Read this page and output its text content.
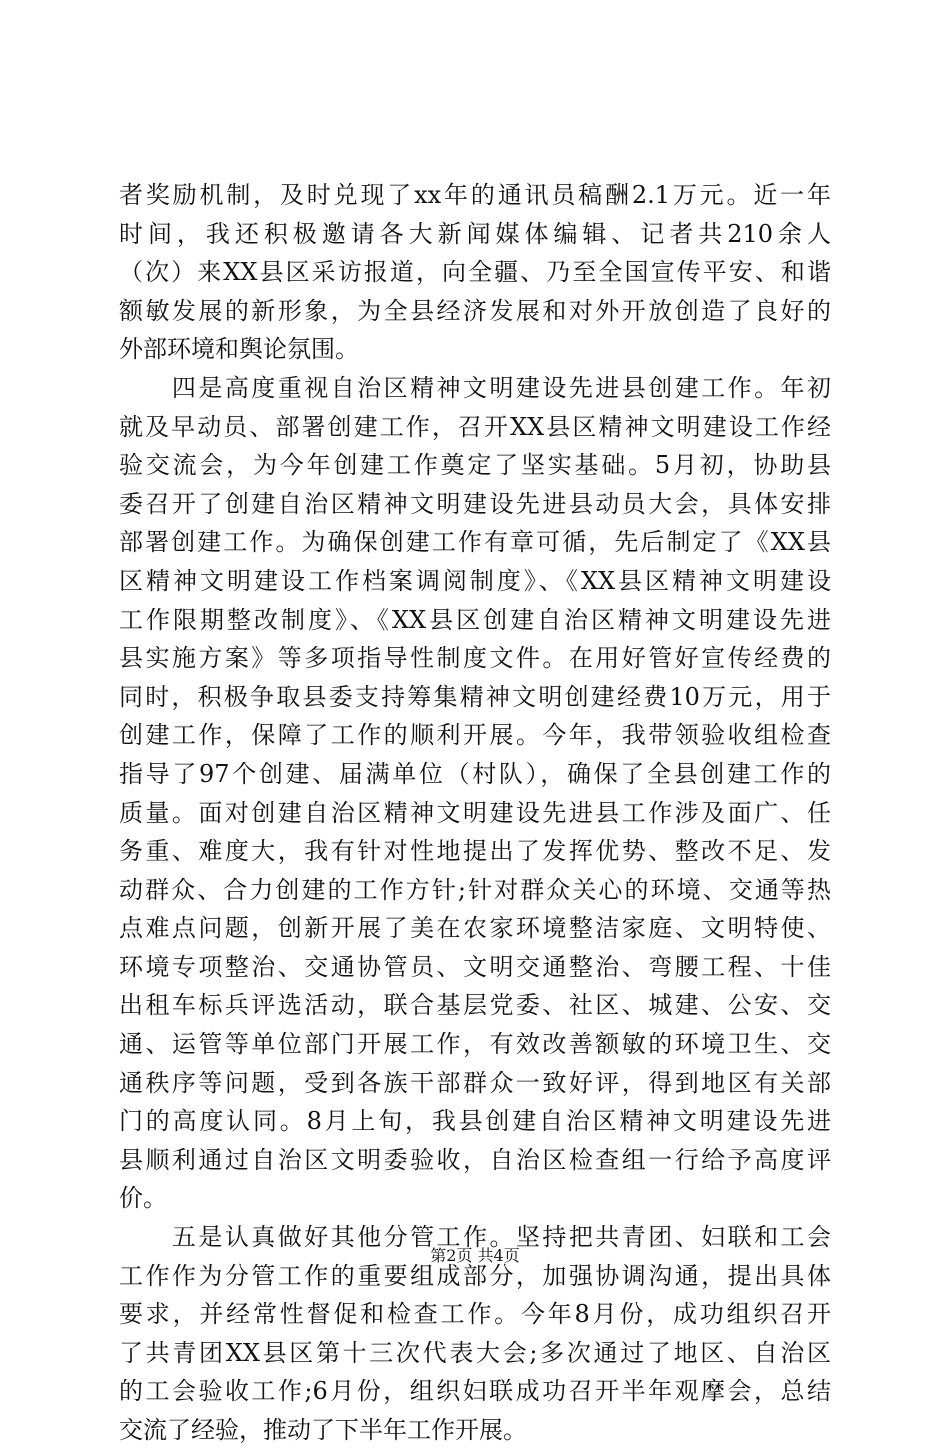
者奖励机制，及时兑现了xx年的通讯员稿酬2.1万元。近一年
时间，我还积极邀请各大新闻媒体编辑、记者共210余人
（次）来XX县区采访报道，向全疆、乃至全国宣传平安、和谐
额敏发展的新形象，为全县经济发展和对外开放创造了良好的
外部环境和舆论氛围。
　　四是高度重视自治区精神文明建设先进县创建工作。年初
就及早动员、部署创建工作，召开XX县区精神文明建设工作经
验交流会，为今年创建工作奠定了坚实基础。5月初，协助县
委召开了创建自治区精神文明建设先进县动员大会，具体安排
部署创建工作。为确保创建工作有章可循，先后制定了《XX县
区精神文明建设工作档案调阅制度》、《XX县区精神文明建设
工作限期整改制度》、《XX县区创建自治区精神文明建设先进
县实施方案》等多项指导性制度文件。在用好管好宣传经费的
同时，积极争取县委支持筹集精神文明创建经费10万元，用于
创建工作，保障了工作的顺利开展。今年，我带领验收组检查
指导了97个创建、届满单位（村队），确保了全县创建工作的
质量。面对创建自治区精神文明建设先进县工作涉及面广、任
务重、难度大，我有针对性地提出了发挥优势、整改不足、发
动群众、合力创建的工作方针;针对群众关心的环境、交通等热
点难点问题，创新开展了美在农家环境整洁家庭、文明特使、
环境专项整治、交通协管员、文明交通整治、弯腰工程、十佳
出租车标兵评选活动，联合基层党委、社区、城建、公安、交
通、运管等单位部门开展工作，有效改善额敏的环境卫生、交
通秩序等问题，受到各族干部群众一致好评，得到地区有关部
门的高度认同。8月上旬，我县创建自治区精神文明建设先进
县顺利通过自治区文明委验收，自治区检查组一行给予高度评
价。
　　五是认真做好其他分管工作。坚持把共青团、妇联和工会
工作作为分管工作的重要组成部分，加强协调沟通，提出具体
要求，并经常性督促和检查工作。今年8月份，成功组织召开
了共青团XX县区第十三次代表大会;多次通过了地区、自治区
的工会验收工作;6月份，组织妇联成功召开半年观摩会，总结
交流了经验，推动了下半年工作开展。
第2页 共4页
